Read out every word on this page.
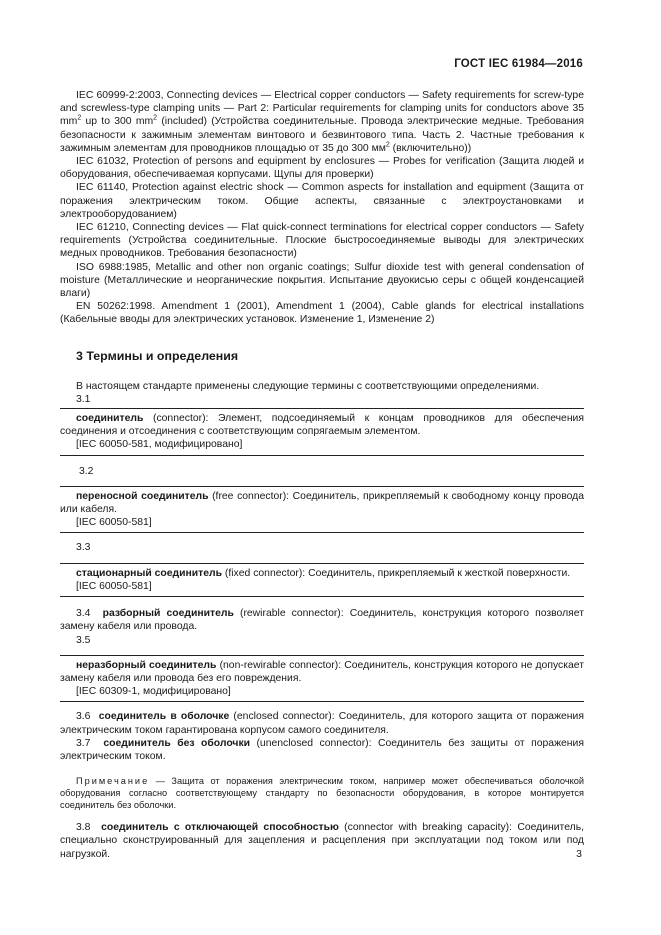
ГОСТ IEC 61984—2016

IEC 60999-2:2003, Connecting devices — Electrical copper conductors — Safety requirements for screw-type and screwless-type clamping units — Part 2: Particular requirements for clamping units for conductors above 35 $mm^2$ up to 300 $mm^2$ (included) (Устройства соединительные. Провода электрические медные. Требования безопасности к зажимным элементам винтового и безвинтового типа. Часть 2. Частные требования к зажимным элементам для проводников площадью от 35 до 300 $мм^2$ (включительно))

IEC 61032, Protection of persons and equipment by enclosures — Probes for verification (Защита людей и оборудования, обеспечиваемая корпусами. Щупы для проверки)

IEC 61140, Protection against electric shock — Common aspects for installation and equipment (Защита от поражения электрическим током. Общие аспекты, связанные с электроустановками и электрооборудованием)

IEC 61210, Connecting devices — Flat quick-connect terminations for electrical copper conductors — Safety requirements (Устройства соединительные. Плоские быстросоединяемые выводы для электрических медных проводников. Требования безопасности)

ISO 6988:1985, Metallic and other non organic coatings; Sulfur dioxide test with general condensation of moisture (Металлические и неорганические покрытия. Испытание двуокисью серы с общей конденсацией влаги)

EN 50262:1998. Amendment 1 (2001), Amendment 1 (2004), Cable glands for electrical installations (Кабельные вводы для электрических установок. Изменение 1, Изменение 2)

3 Термины и определения

В настоящем стандарте применены следующие термины с соответствующими определениями.

3.1

соединитель (connector): Элемент, подсоединяемый к концам проводников для обеспечения соединения и отсоединения с соответствующим сопрягаемым элементом.

[IEC 60050-581, модифицировано]

3.2

переносной соединитель (free connector): Соединитель, прикрепляемый к свободному концу провода или кабеля.

[IEC 60050-581]

3.3

стационарный соединитель (fixed connector): Соединитель, прикрепляемый к жесткой поверхности.

[IEC 60050-581]

3.4 разборный соединитель (rewirable connector): Соединитель, конструкция которого позволяет замену кабеля или провода.

3.5

неразборный соединитель (non-rewirable connector): Соединитель, конструкция которого не допускает замену кабеля или провода без его повреждения.

[IEC 60309-1, модифицировано]

3.6 соединитель в оболочке (enclosed connector): Соединитель, для которого защита от поражения электрическим током гарантирована корпусом самого соединителя.

3.7 соединитель без оболочки (unenclosed connector): Соединитель без защиты от поражения электрическим током.

Примечание — Защита от поражения электрическим током, например может обеспечиваться оболочкой оборудования согласно соответствующему стандарту по безопасности оборудования, в которое монтируется соединитель без оболочки.

3.8 соединитель с отключающей способностью (connector with breaking capacity): Соединитель, специально сконструированный для зацепления и расцепления при эксплуатации под током или под нагрузкой.	3
